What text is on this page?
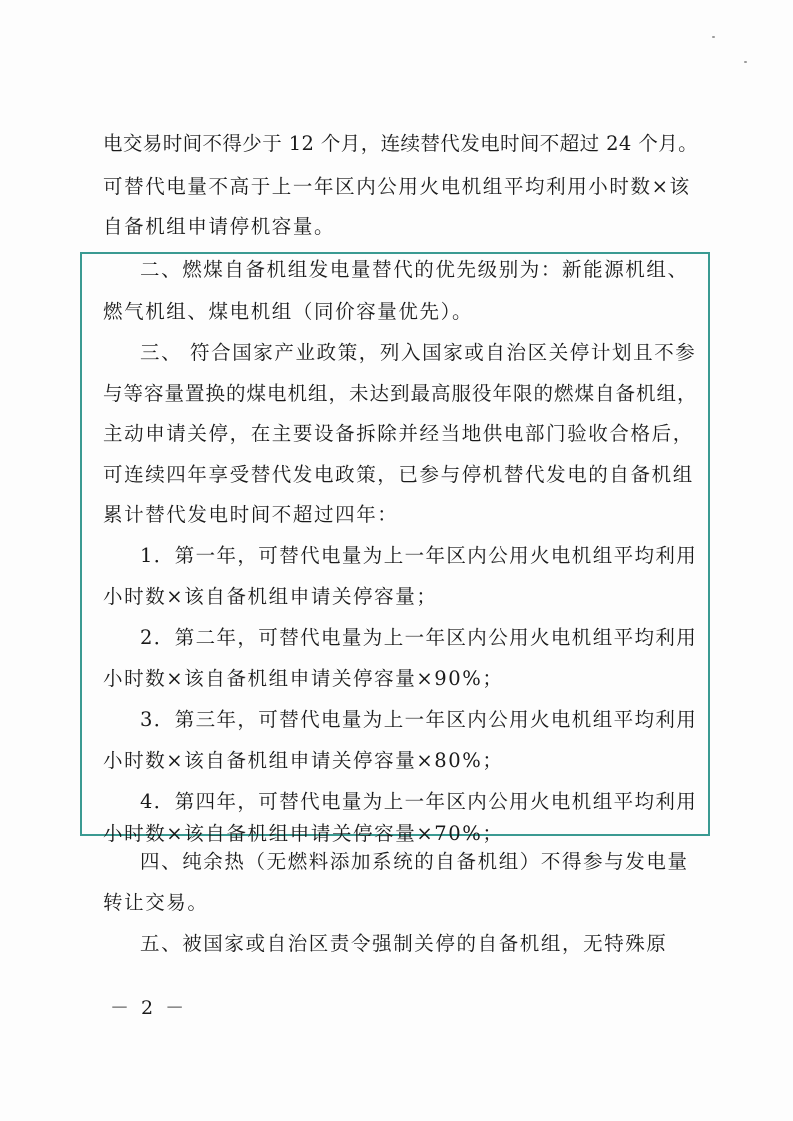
电交易时间不得少于 12 个月，连续替代发电时间不超过 24 个月。
可替代电量不高于上一年区内公用火电机组平均利用小时数×该
自备机组申请停机容量。
二、燃煤自备机组发电量替代的优先级别为：新能源机组、
燃气机组、煤电机组（同价容量优先）。
三、 符合国家产业政策，列入国家或自治区关停计划且不参
与等容量置换的煤电机组，未达到最高服役年限的燃煤自备机组，
主动申请关停，在主要设备拆除并经当地供电部门验收合格后，
可连续四年享受替代发电政策，已参与停机替代发电的自备机组
累计替代发电时间不超过四年：
1．第一年，可替代电量为上一年区内公用火电机组平均利用
小时数×该自备机组申请关停容量；
2．第二年，可替代电量为上一年区内公用火电机组平均利用
小时数×该自备机组申请关停容量×90%；
3．第三年，可替代电量为上一年区内公用火电机组平均利用
小时数×该自备机组申请关停容量×80%；
4．第四年，可替代电量为上一年区内公用火电机组平均利用
小时数×该自备机组申请关停容量×70%；
四、纯余热（无燃料添加系统的自备机组）不得参与发电量
转让交易。
五、被国家或自治区责令强制关停的自备机组，无特殊原
－ 2 －
